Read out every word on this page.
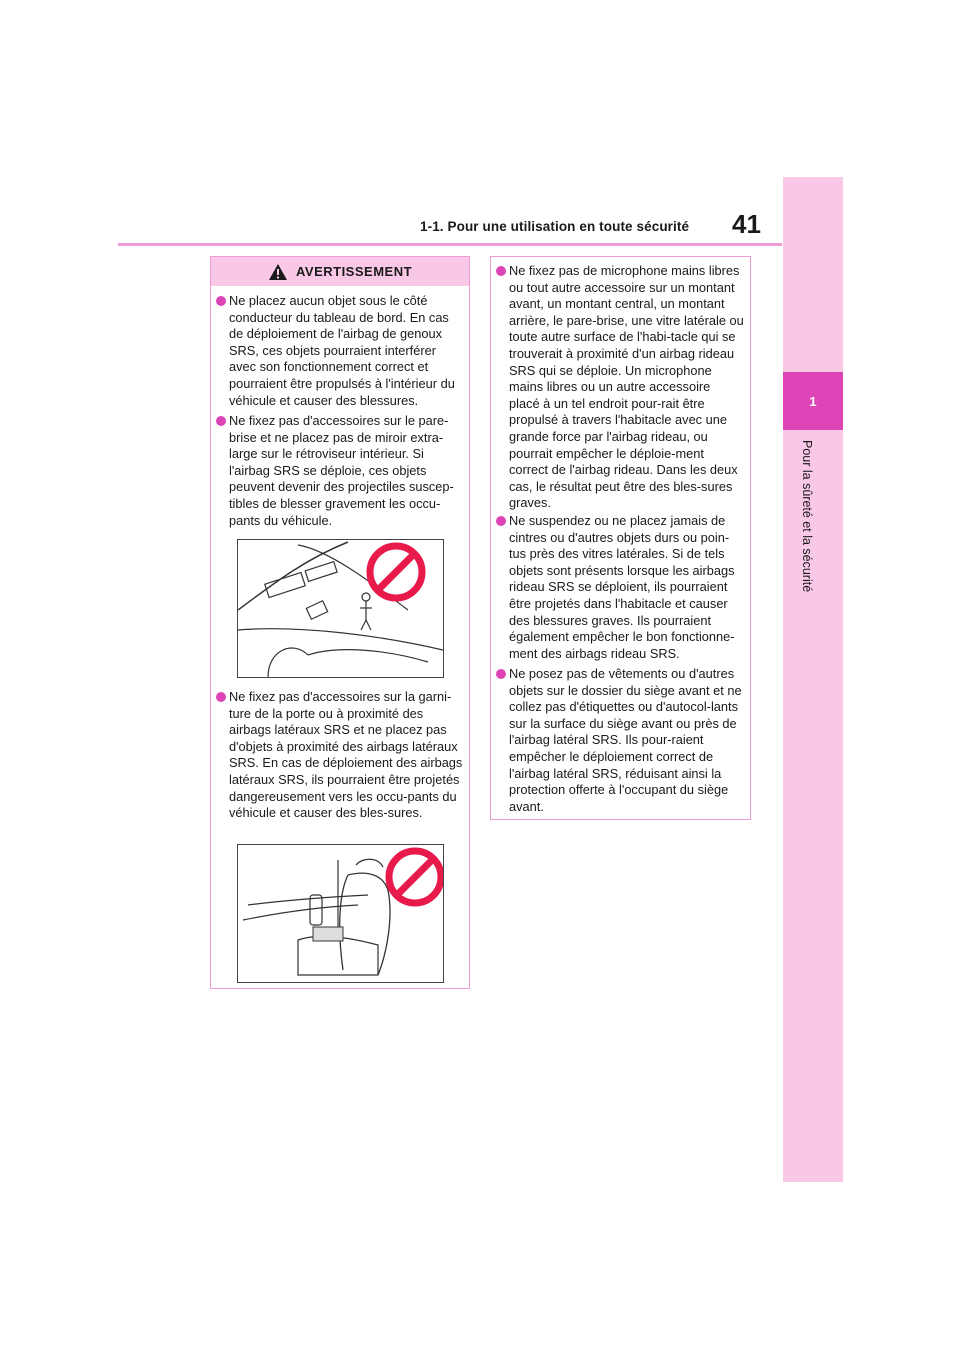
1
Pour la sûreté et la sécurité
1-1. Pour une utilisation en toute sécurité	41
AVERTISSEMENT
Ne placez aucun objet sous le côté conducteur du tableau de bord. En cas de déploiement de l'airbag de genoux SRS, ces objets pourraient interférer avec son fonctionnement correct et pourraient être propulsés à l'intérieur du véhicule et causer des blessures.
Ne fixez pas d'accessoires sur le pare-brise et ne placez pas de miroir extra-large sur le rétroviseur intérieur. Si l'airbag SRS se déploie, ces objets peuvent devenir des projectiles suscep-tibles de blesser gravement les occu-pants du véhicule.
Ne fixez pas d'accessoires sur la garni-ture de la porte ou à proximité des airbags latéraux SRS et ne placez pas d'objets à proximité des airbags latéraux SRS. En cas de déploiement des airbags latéraux SRS, ils pourraient être projetés dangereusement vers les occu-pants du véhicule et causer des bles-sures.
Ne fixez pas de microphone mains libres ou tout autre accessoire sur un montant avant, un montant central, un montant arrière, le pare-brise, une vitre latérale ou toute autre surface de l'habi-tacle qui se trouverait à proximité d'un airbag rideau SRS qui se déploie. Un microphone mains libres ou un autre accessoire placé à un tel endroit pour-rait être propulsé à travers l'habitacle avec une grande force par l'airbag rideau, ou pourrait empêcher le déploie-ment correct de l'airbag rideau. Dans les deux cas, le résultat peut être des bles-sures graves.
Ne suspendez ou ne placez jamais de cintres ou d'autres objets durs ou poin-tus près des vitres latérales. Si de tels objets sont présents lorsque les airbags rideau SRS se déploient, ils pourraient être projetés dans l'habitacle et causer des blessures graves. Ils pourraient également empêcher le bon fonctionne-ment des airbags rideau SRS.
Ne posez pas de vêtements ou d'autres objets sur le dossier du siège avant et ne collez pas d'étiquettes ou d'autocol-lants sur la surface du siège avant ou près de l'airbag latéral SRS. Ils pour-raient empêcher le déploiement correct de l'airbag latéral SRS, réduisant ainsi la protection offerte à l'occupant du siège avant.
